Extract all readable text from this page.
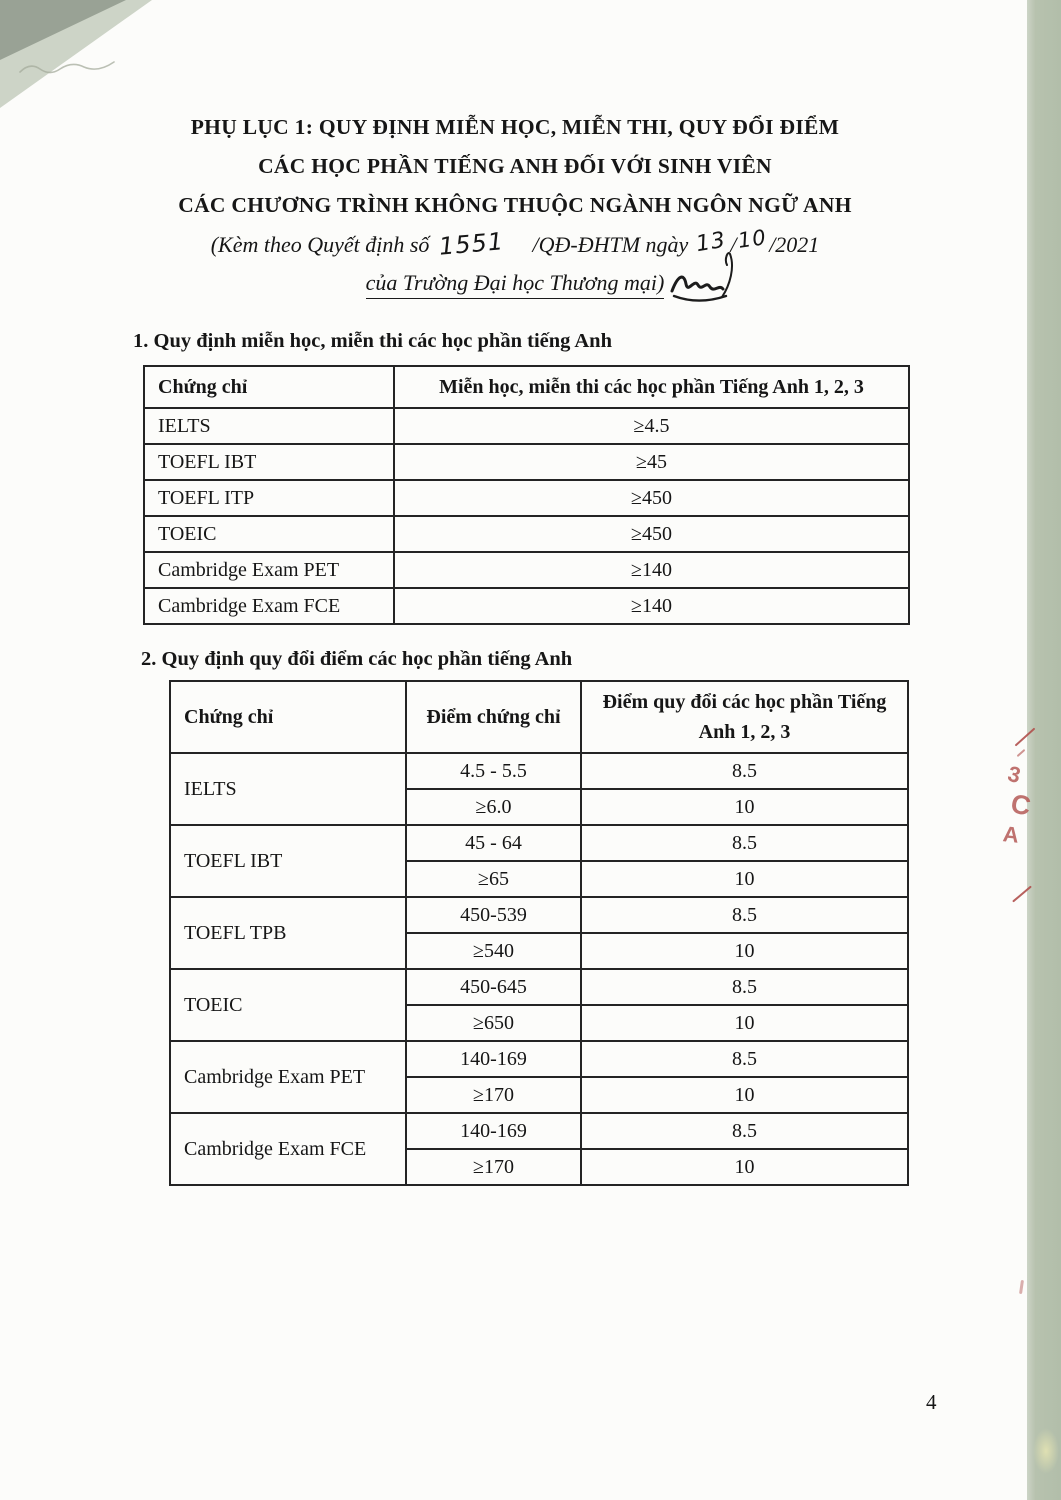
3
C
A
PHỤ LỤC 1: QUY ĐỊNH MIỄN HỌC, MIỄN THI, QUY ĐỔI ĐIỂM
CÁC HỌC PHẦN TIẾNG ANH ĐỐI VỚI SINH VIÊN
CÁC CHƯƠNG TRÌNH KHÔNG THUỘC NGÀNH NGÔN NGỮ ANH
(Kèm theo Quyết định số 1551 /QĐ-ĐHTM ngày 13 /10/2021
của Trường Đại học Thương mại)
1. Quy định miễn học, miễn thi các học phần tiếng Anh
Chứng chỉ	Miễn học, miễn thi các học phần Tiếng Anh 1, 2, 3
IELTS	≥4.5
TOEFL IBT	≥45
TOEFL ITP	≥450
TOEIC	≥450
Cambridge Exam PET	≥140
Cambridge Exam FCE	≥140
2. Quy định quy đổi điểm các học phần tiếng Anh
Chứng chỉ	Điểm chứng chỉ	Điểm quy đổi các học phần Tiếng Anh 1, 2, 3
IELTS	4.5 - 5.5	8.5
	≥6.0	10
TOEFL IBT	45 - 64	8.5
	≥65	10
TOEFL TPB	450-539	8.5
	≥540	10
TOEIC	450-645	8.5
	≥650	10
Cambridge Exam PET	140-169	8.5
	≥170	10
Cambridge Exam FCE	140-169	8.5
	≥170	10
4
